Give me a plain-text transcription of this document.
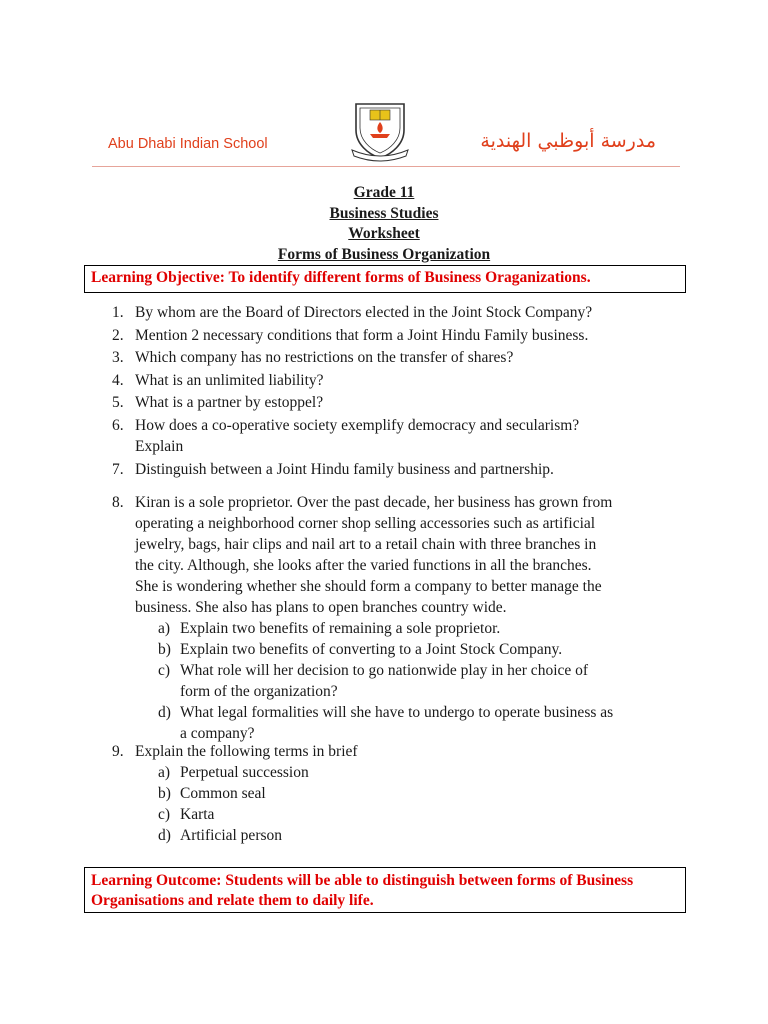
Abu Dhabi Indian School	مدرسة أبوظبي الهندية
Grade 11
Business Studies
Worksheet
Forms of Business Organization
Learning Objective: To identify different forms of Business Oraganizations.
1. By whom are the Board of Directors elected in the Joint Stock Company?
2. Mention 2 necessary conditions that form a Joint Hindu Family business.
3. Which company has no restrictions on the transfer of shares?
4. What is an unlimited liability?
5. What is a partner by estoppel?
6. How does a co-operative society exemplify democracy and secularism?
Explain
7. Distinguish between a Joint Hindu family business and partnership.
8. Kiran is a sole proprietor. Over the past decade, her business has grown from
operating a neighborhood corner shop selling accessories such as artificial
jewelry, bags, hair clips and nail art to a retail chain with three branches in
the city. Although, she looks after the varied functions in all the branches.
She is wondering whether she should form a company to better manage the
business. She also has plans to open branches country wide.
a) Explain two benefits of remaining a sole proprietor.
b) Explain two benefits of converting to a Joint Stock Company.
c) What role will her decision to go nationwide play in her choice of
form of the organization?
d) What legal formalities will she have to undergo to operate business as
a company?
9. Explain the following terms in brief
a) Perpetual succession
b) Common seal
c) Karta
d) Artificial person
Learning Outcome: Students will be able to distinguish between forms of Business Organisations and relate them to daily life.
